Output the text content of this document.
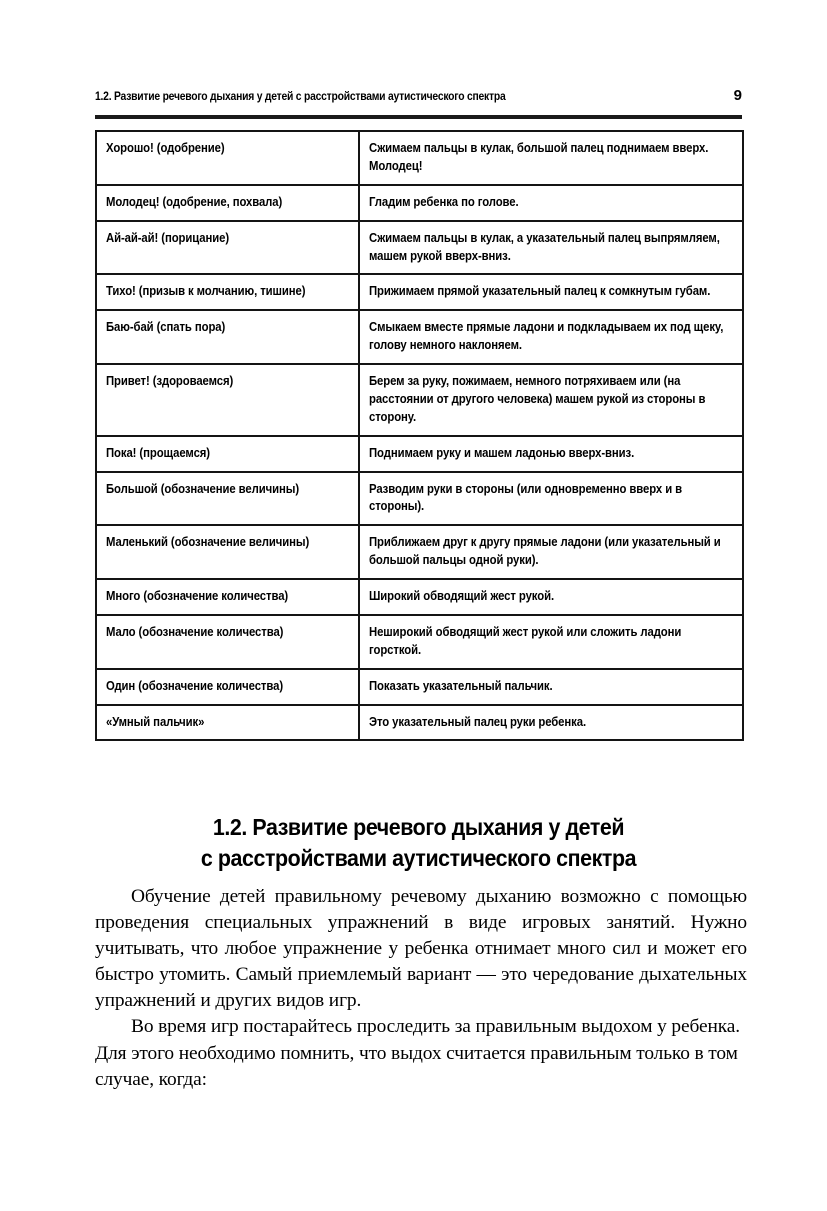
1.2. Развитие речевого дыхания у детей с расстройствами аутистического спектра	9
Хорошо! (одобрение)	Сжимаем пальцы в кулак, большой палец поднимаем вверх. Молодец!

Молодец! (одобрение, похвала)	Гладим ребенка по голове.

Ай-ай-ай! (порицание)	Сжимаем пальцы в кулак, а указательный палец выпрямляем, машем рукой вверх-вниз.

Тихо! (призыв к молчанию, тишине)	Прижимаем прямой указательный палец к сомкнутым губам.

Баю-бай (спать пора)	Смыкаем вместе прямые ладони и подкладываем их под щеку, голову немного наклоняем.

Привет! (здороваемся)	Берем за руку, пожимаем, немного потряхиваем или (на расстоянии от другого человека) машем рукой из стороны в сторону.

Пока! (прощаемся)	Поднимаем руку и машем ладонью вверх-вниз.

Большой (обозначение величины)	Разводим руки в стороны (или одновременно вверх и в стороны).

Маленький (обозначение величины)	Приближаем друг к другу прямые ладони (или указательный и большой пальцы одной руки).

Много (обозначение количества)	Широкий обводящий жест рукой.

Мало (обозначение количества)	Неширокий обводящий жест рукой или сложить ладони горсткой.

Один (обозначение количества)	Показать указательный пальчик.

«Умный пальчик»	Это указательный палец руки ребенка.
1.2. Развитие речевого дыхания у детей
с расстройствами аутистического спектра

Обучение детей правильному речевому дыханию возможно с помощью проведения специальных упражнений в виде игровых занятий. Нужно учитывать, что любое упражнение у ребенка отнимает много сил и может его быстро утомить. Самый приемлемый вариант — это чередование дыхательных упражнений и других видов игр.

Во время игр постарайтесь проследить за правильным выдохом у ребенка. Для этого необходимо помнить, что выдох считается правильным только в том случае, когда:
